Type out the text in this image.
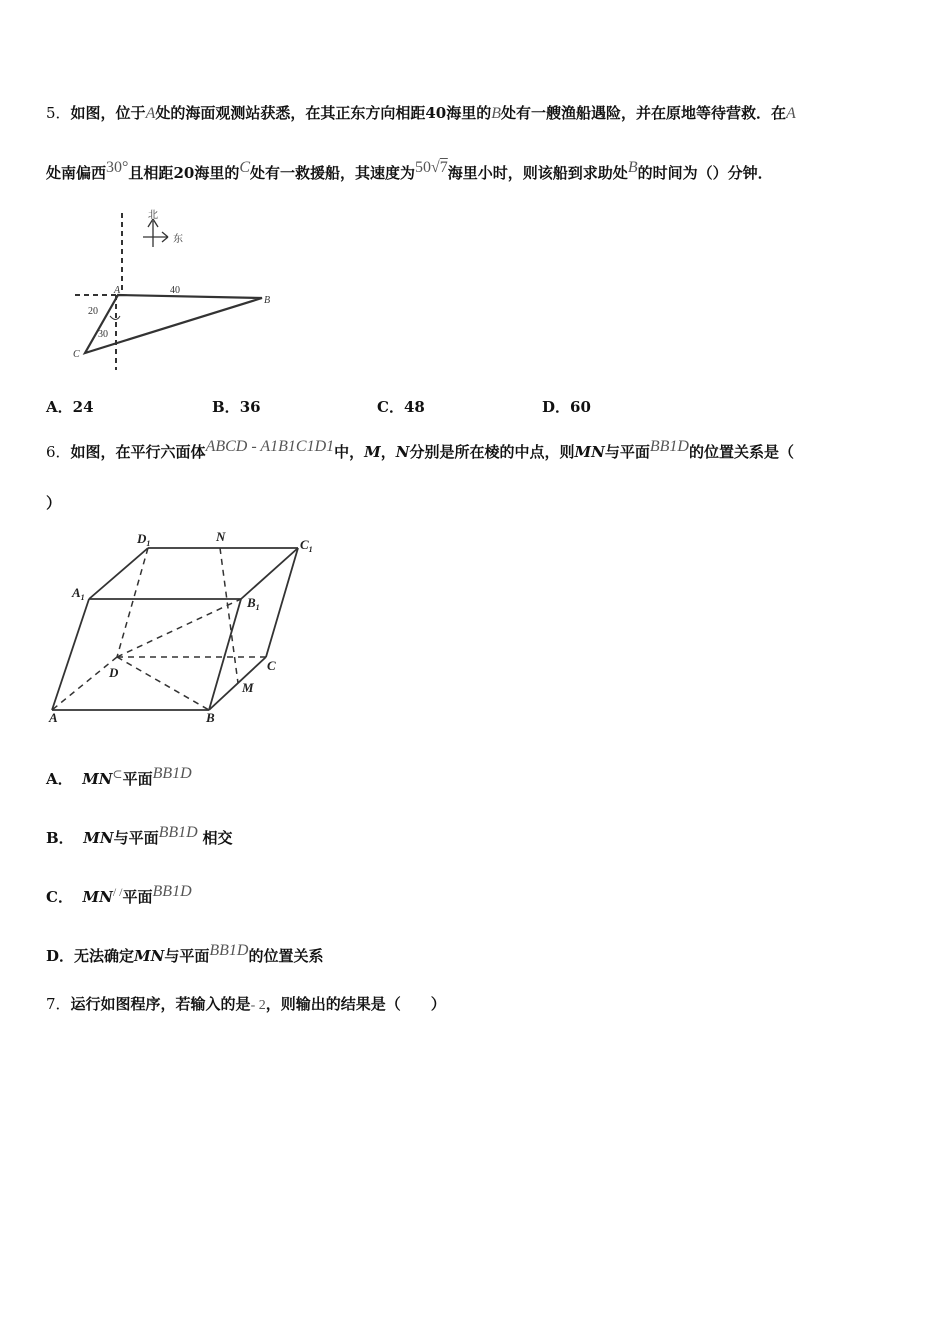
5．如图，位于A处的海面观测站获悉，在其正东方向相距40海里的B处有一艘渔船遇险，并在原地等待营救．在A
处南偏西30°且相距20海里的C处有一救援船，其速度为50√7海里小时，则该船到求助处B的时间为（）分钟．
北
东
A
B
C
40
20
30
A．24	B．36	C．48	D．60
6．如图，在平行六面体ABCD - A1B1C1D1中，M，N分别是所在棱的中点，则MN与平面BB1D的位置关系是（
）
$D_1$	N
$C_1$
$A_1$	$B_1$
D	C
M
A	B
A． MN⊂平面BB1D
B． MN与平面BB1D 相交
C． MN/ /平面BB1D
D．无法确定MN与平面BB1D的位置关系
7．运行如图程序，若输入的是- 2，则输出的结果是（　　）
